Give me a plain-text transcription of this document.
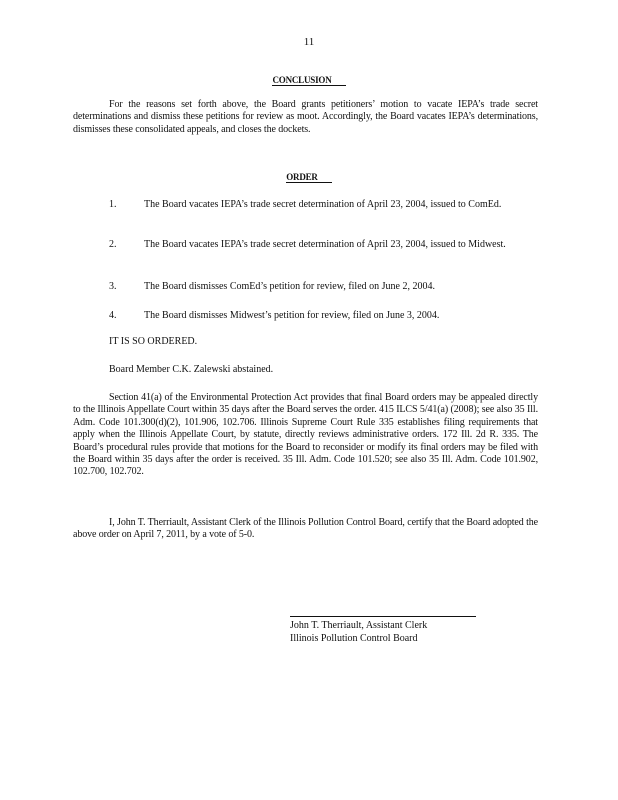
11
CONCLUSION
For the reasons set forth above, the Board grants petitioners’ motion to vacate IEPA’s trade secret determinations and dismiss these petitions for review as moot. Accordingly, the Board vacates IEPA’s determinations, dismisses these consolidated appeals, and closes the dockets.
ORDER
1.	The Board vacates IEPA’s trade secret determination of April 23, 2004, issued to ComEd.
2.	The Board vacates IEPA’s trade secret determination of April 23, 2004, issued to Midwest.
3.	The Board dismisses ComEd’s petition for review, filed on June 2, 2004.
4.	The Board dismisses Midwest’s petition for review, filed on June 3, 2004.
IT IS SO ORDERED.
Board Member C.K. Zalewski abstained.
Section 41(a) of the Environmental Protection Act provides that final Board orders may be appealed directly to the Illinois Appellate Court within 35 days after the Board serves the order. 415 ILCS 5/41(a) (2008); see also 35 Ill. Adm. Code 101.300(d)(2), 101.906, 102.706. Illinois Supreme Court Rule 335 establishes filing requirements that apply when the Illinois Appellate Court, by statute, directly reviews administrative orders. 172 Ill. 2d R. 335. The Board’s procedural rules provide that motions for the Board to reconsider or modify its final orders may be filed with the Board within 35 days after the order is received. 35 Ill. Adm. Code 101.520; see also 35 Ill. Adm. Code 101.902, 102.700, 102.702.
I, John T. Therriault, Assistant Clerk of the Illinois Pollution Control Board, certify that the Board adopted the above order on April 7, 2011, by a vote of 5-0.
John T. Therriault, Assistant Clerk
Illinois Pollution Control Board
